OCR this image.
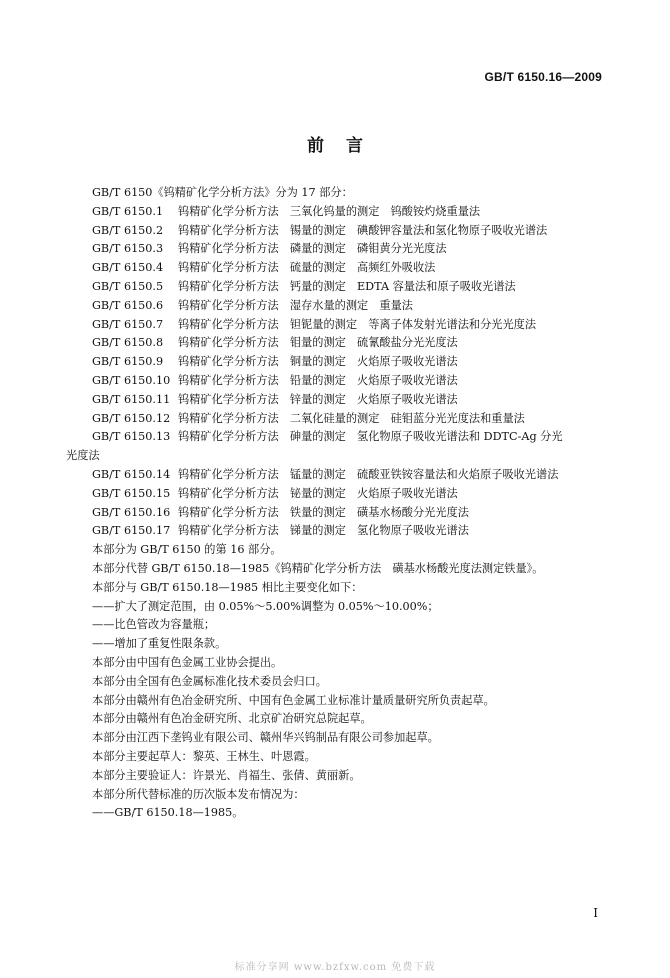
GB/T 6150.16—2009
前言
GB/T 6150《钨精矿化学分析方法》分为 17 部分：
GB/T 6150.1 钨精矿化学分析方法　三氧化钨量的测定　钨酸铵灼烧重量法
GB/T 6150.2 钨精矿化学分析方法　锡量的测定　碘酸钾容量法和氢化物原子吸收光谱法
GB/T 6150.3 钨精矿化学分析方法　磷量的测定　磷钼黄分光光度法
GB/T 6150.4 钨精矿化学分析方法　硫量的测定　高频红外吸收法
GB/T 6150.5 钨精矿化学分析方法　钙量的测定　EDTA 容量法和原子吸收光谱法
GB/T 6150.6 钨精矿化学分析方法　湿存水量的测定　重量法
GB/T 6150.7 钨精矿化学分析方法　钽铌量的测定　等离子体发射光谱法和分光光度法
GB/T 6150.8 钨精矿化学分析方法　钼量的测定　硫氰酸盐分光光度法
GB/T 6150.9 钨精矿化学分析方法　铜量的测定　火焰原子吸收光谱法
GB/T 6150.10 钨精矿化学分析方法　铅量的测定　火焰原子吸收光谱法
GB/T 6150.11 钨精矿化学分析方法　锌量的测定　火焰原子吸收光谱法
GB/T 6150.12 钨精矿化学分析方法　二氧化硅量的测定　硅钼蓝分光光度法和重量法
GB/T 6150.13 钨精矿化学分析方法　砷量的测定　氢化物原子吸收光谱法和 DDTC-Ag 分光
光度法
GB/T 6150.14 钨精矿化学分析方法　锰量的测定　硫酸亚铁铵容量法和火焰原子吸收光谱法
GB/T 6150.15 钨精矿化学分析方法　铋量的测定　火焰原子吸收光谱法
GB/T 6150.16 钨精矿化学分析方法　铁量的测定　磺基水杨酸分光光度法
GB/T 6150.17 钨精矿化学分析方法　锑量的测定　氢化物原子吸收光谱法
本部分为 GB/T 6150 的第 16 部分。
本部分代替 GB/T 6150.18—1985《钨精矿化学分析方法　磺基水杨酸光度法测定铁量》。
本部分与 GB/T 6150.18—1985 相比主要变化如下：
——扩大了测定范围，由 0.05%～5.00%调整为 0.05%～10.00%；
——比色管改为容量瓶；
——增加了重复性限条款。
本部分由中国有色金属工业协会提出。
本部分由全国有色金属标准化技术委员会归口。
本部分由赣州有色冶金研究所、中国有色金属工业标准计量质量研究所负责起草。
本部分由赣州有色冶金研究所、北京矿冶研究总院起草。
本部分由江西下垄钨业有限公司、赣州华兴钨制品有限公司参加起草。
本部分主要起草人：黎英、王林生、叶恩霞。
本部分主要验证人：许景光、肖福生、张倩、黄丽新。
本部分所代替标准的历次版本发布情况为：
——GB/T 6150.18—1985。
I
标准分享网 www.bzfxw.com 免费下载
